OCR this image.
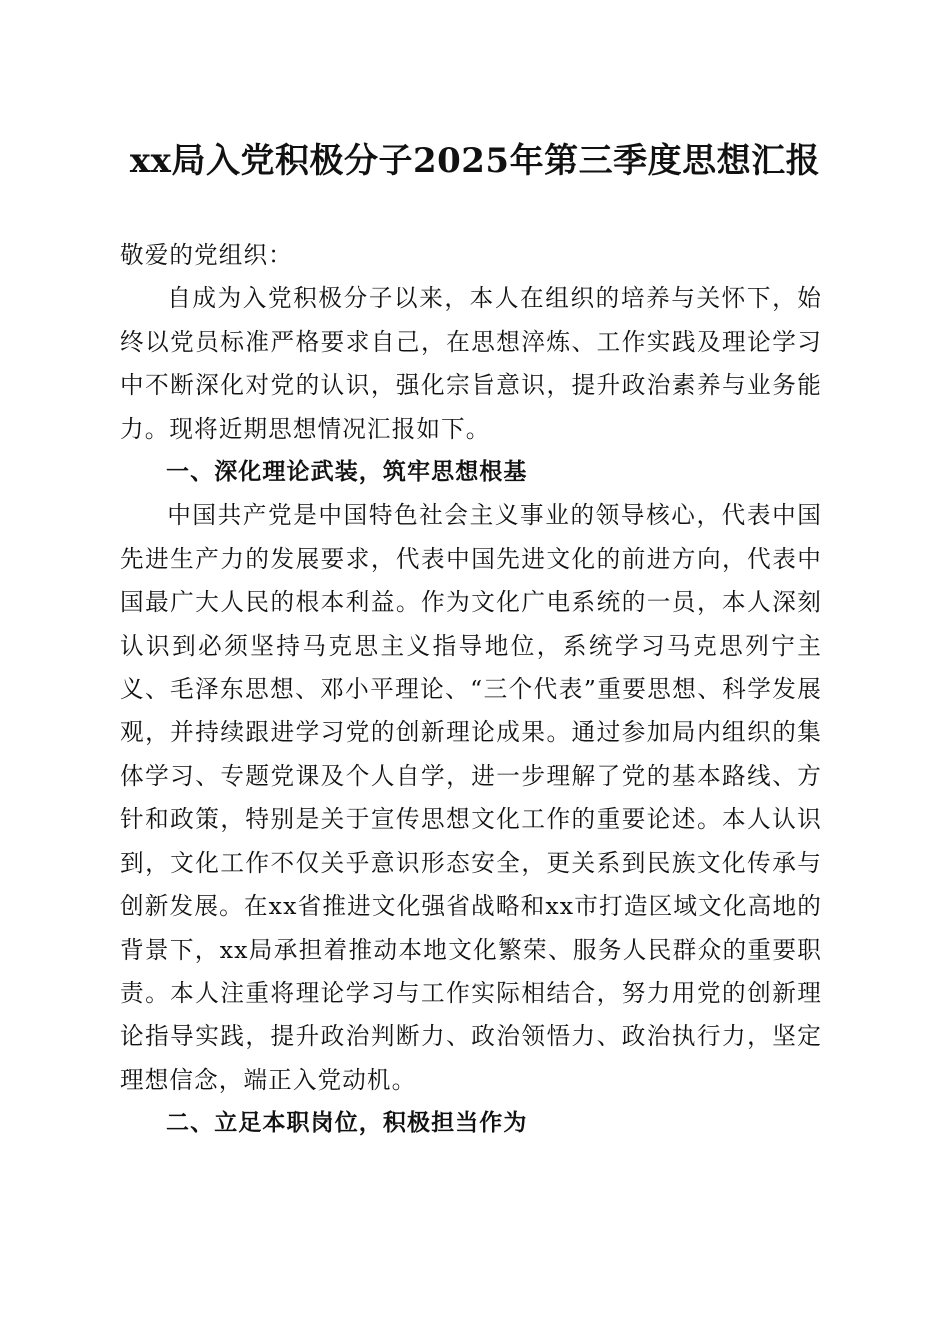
xx局入党积极分子2025年第三季度思想汇报

敬爱的党组织：

自成为入党积极分子以来，本人在组织的培养与关怀下，始终以党员标准严格要求自己，在思想淬炼、工作实践及理论学习中不断深化对党的认识，强化宗旨意识，提升政治素养与业务能力。现将近期思想情况汇报如下。

一、深化理论武装，筑牢思想根基

中国共产党是中国特色社会主义事业的领导核心，代表中国先进生产力的发展要求，代表中国先进文化的前进方向，代表中国最广大人民的根本利益。作为文化广电系统的一员，本人深刻认识到必须坚持马克思主义指导地位，系统学习马克思列宁主义、毛泽东思想、邓小平理论、“三个代表”重要思想、科学发展观，并持续跟进学习党的创新理论成果。通过参加局内组织的集体学习、专题党课及个人自学，进一步理解了党的基本路线、方针和政策，特别是关于宣传思想文化工作的重要论述。本人认识到，文化工作不仅关乎意识形态安全，更关系到民族文化传承与创新发展。在xx省推进文化强省战略和xx市打造区域文化高地的背景下，xx局承担着推动本地文化繁荣、服务人民群众的重要职责。本人注重将理论学习与工作实际相结合，努力用党的创新理论指导实践，提升政治判断力、政治领悟力、政治执行力，坚定理想信念，端正入党动机。

二、立足本职岗位，积极担当作为
